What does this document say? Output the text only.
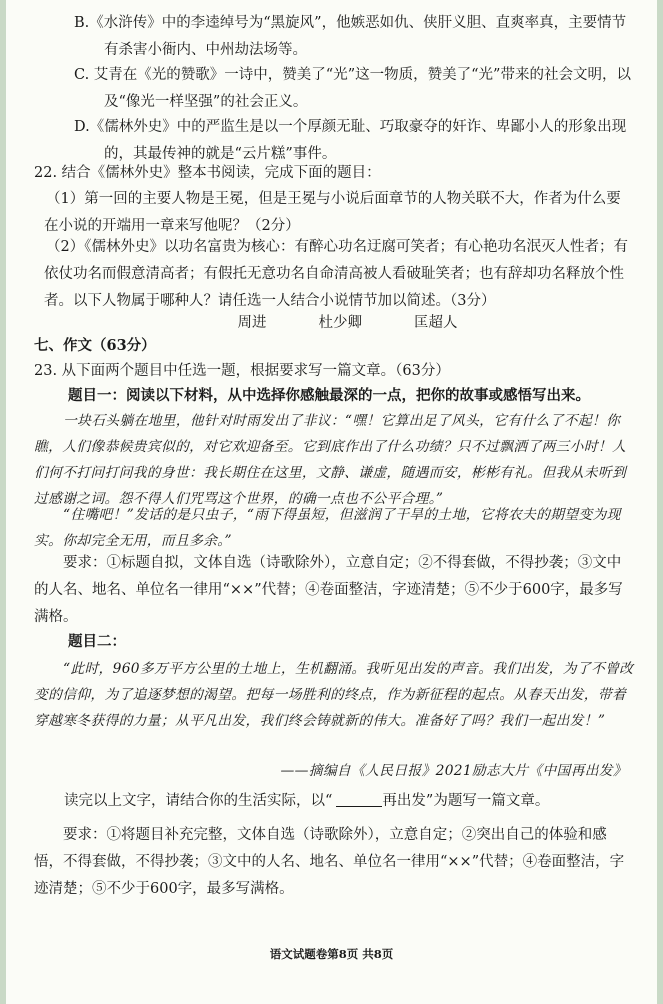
B.《水浒传》中的李逵绰号为“黑旋风”，他嫉恶如仇、侠肝义胆、直爽率真，主要情节有杀害小衙内、中州劫法场等。
C. 艾青在《光的赞歌》一诗中，赞美了“光”这一物质，赞美了“光”带来的社会文明，以及“像光一样坚强”的社会正义。
D.《儒林外史》中的严监生是以一个厚颜无耻、巧取豪夺的奸诈、卑鄙小人的形象出现的，其最传神的就是“云片糕”事件。
22. 结合《儒林外史》整本书阅读，完成下面的题目：
（1）第一回的主要人物是王冕，但是王冕与小说后面章节的人物关联不大，作者为什么要在小说的开端用一章来写他呢？（2分）
（2）《儒林外史》以功名富贵为核心：有醉心功名迂腐可笑者；有心艳功名泯灭人性者；有依仗功名而假意清高者；有假托无意功名自命清高被人看破耻笑者；也有辞却功名释放个性者。以下人物属于哪种人？请任选一人结合小说情节加以简述。（3分）
周进	杜少卿	匡超人
七、作文（63分）
23. 从下面两个题目中任选一题，根据要求写一篇文章。（63分）
题目一：阅读以下材料，从中选择你感触最深的一点，把你的故事或感悟写出来。
一块石头躺在地里，他针对时雨发出了非议：“嘿！它算出足了风头，它有什么了不起！你瞧，人们像恭候贵宾似的，对它欢迎备至。它到底作出了什么功绩？只不过飘洒了两三小时！人们何不打问打问我的身世：我长期住在这里，文静、谦虚，随遇而安，彬彬有礼。但我从未听到过感谢之词。怨不得人们咒骂这个世界，的确一点也不公平合理。”
“住嘴吧！”发话的是只虫子，“雨下得虽短，但滋润了干旱的土地，它将农夫的期望变为现实。你却完全无用，而且多余。”
要求：①标题自拟，文体自选（诗歌除外），立意自定；②不得套做，不得抄袭；③文中的人名、地名、单位名一律用“××”代替；④卷面整洁，字迹清楚；⑤不少于600字，最多写满格。
题目二：
“此时，960多万平方公里的土地上，生机翻涌。我听见出发的声音。我们出发，为了不曾改变的信仰，为了追逐梦想的渴望。把每一场胜利的终点，作为新征程的起点。从春天出发，带着穿越寒冬获得的力量；从平凡出发，我们终会铸就新的伟大。准备好了吗？我们一起出发！”
——摘编自《人民日报》2021励志大片《中国再出发》
读完以上文字，请结合你的生活实际，以“	再出发”为题写一篇文章。
要求：①将题目补充完整，文体自选（诗歌除外），立意自定；②突出自己的体验和感悟，不得套做，不得抄袭；③文中的人名、地名、单位名一律用“××”代替；④卷面整洁，字迹清楚；⑤不少于600字，最多写满格。
语文试题卷第8页 共8页
